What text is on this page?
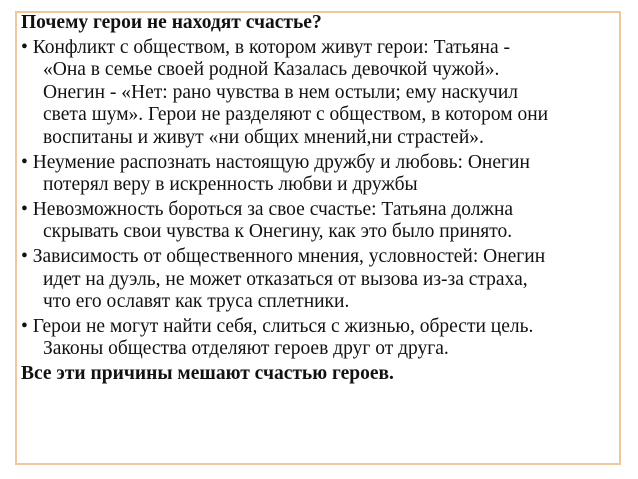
Почему герои не находят счастье?
• Конфликт с обществом, в котором живут герои: Татьяна -
«Она в семье своей родной Казалась девочкой чужой».
Онегин - «Нет: рано чувства в нем остыли; ему наскучил
света шум». Герои не разделяют с обществом, в котором они
воспитаны и живут «ни общих мнений,ни страстей».
• Неумение распознать настоящую дружбу и любовь: Онегин
потерял веру в искренность любви и дружбы
• Невозможность бороться за свое счастье: Татьяна должна
скрывать свои чувства к Онегину, как это было принято.
• Зависимость от общественного мнения, условностей: Онегин
идет на дуэль, не может отказаться от вызова из-за страха,
что его ославят как труса сплетники.
• Герои не могут найти себя, слиться с жизнью, обрести цель.
Законы общества отделяют героев друг от друга.
Все эти причины мешают счастью героев.
